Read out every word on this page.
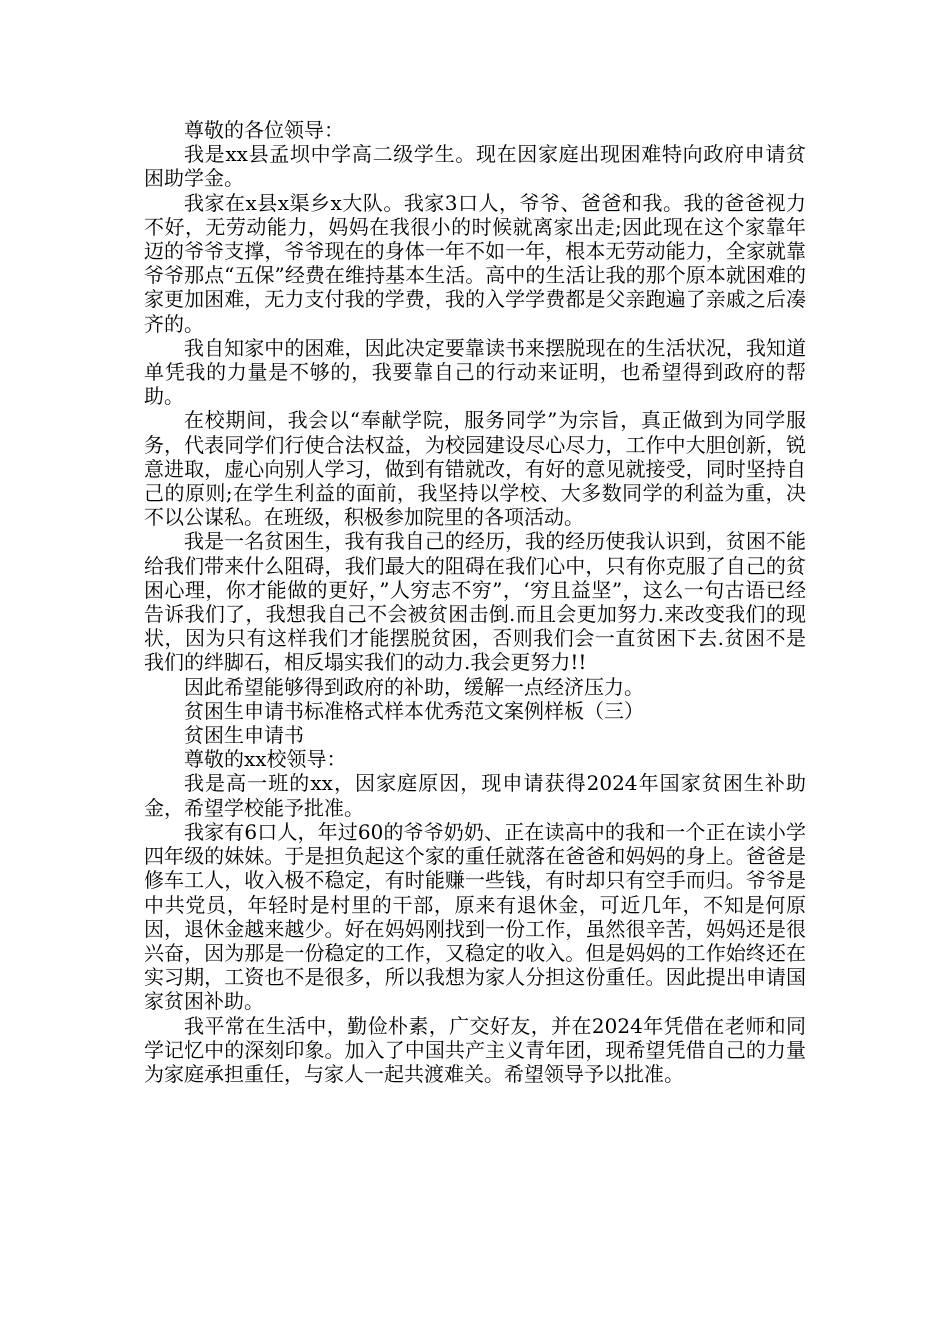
尊敬的各位领导：

我是xx县孟坝中学高二级学生。现在因家庭出现困难特向政府申请贫困助学金。

我家在x县x渠乡x大队。我家3口人，爷爷、爸爸和我。我的爸爸视力不好，无劳动能力，妈妈在我很小的时候就离家出走;因此现在这个家靠年迈的爷爷支撑，爷爷现在的身体一年不如一年，根本无劳动能力，全家就靠爷爷那点“五保”经费在维持基本生活。高中的生活让我的那个原本就困难的家更加困难，无力支付我的学费，我的入学学费都是父亲跑遍了亲戚之后凑齐的。

我自知家中的困难，因此决定要靠读书来摆脱现在的生活状况，我知道单凭我的力量是不够的，我要靠自己的行动来证明，也希望得到政府的帮助。

在校期间，我会以“奉献学院，服务同学”为宗旨，真正做到为同学服务，代表同学们行使合法权益，为校园建设尽心尽力，工作中大胆创新，锐意进取，虚心向别人学习，做到有错就改，有好的意见就接受，同时坚持自己的原则;在学生利益的面前，我坚持以学校、大多数同学的利益为重，决不以公谋私。在班级，积极参加院里的各项活动。

我是一名贫困生，我有我自己的经历，我的经历使我认识到，贫困不能给我们带来什么阻碍，我们最大的阻碍在我们心中，只有你克服了自己的贫困心理，你才能做的更好，”人穷志不穷”，‘穷且益坚”，这么一句古语已经告诉我们了，我想我自己不会被贫困击倒.而且会更加努力.来改变我们的现状，因为只有这样我们才能摆脱贫困，否则我们会一直贫困下去.贫困不是我们的绊脚石，相反塌实我们的动力.我会更努力!!

因此希望能够得到政府的补助，缓解一点经济压力。

贫困生申请书标准格式样本优秀范文案例样板（三）

贫困生申请书

尊敬的xx校领导：

我是高一班的xx，因家庭原因，现申请获得2024年国家贫困生补助金，希望学校能予批准。

我家有6口人，年过60的爷爷奶奶、正在读高中的我和一个正在读小学四年级的妹妹。于是担负起这个家的重任就落在爸爸和妈妈的身上。爸爸是修车工人，收入极不稳定，有时能赚一些钱，有时却只有空手而归。爷爷是中共党员，年轻时是村里的干部，原来有退休金，可近几年，不知是何原因，退休金越来越少。好在妈妈刚找到一份工作，虽然很辛苦，妈妈还是很兴奋，因为那是一份稳定的工作，又稳定的收入。但是妈妈的工作始终还在实习期，工资也不是很多，所以我想为家人分担这份重任。因此提出申请国家贫困补助。

我平常在生活中，勤俭朴素，广交好友，并在2024年凭借在老师和同学记忆中的深刻印象。加入了中国共产主义青年团，现希望凭借自己的力量为家庭承担重任，与家人一起共渡难关。希望领导予以批准。
